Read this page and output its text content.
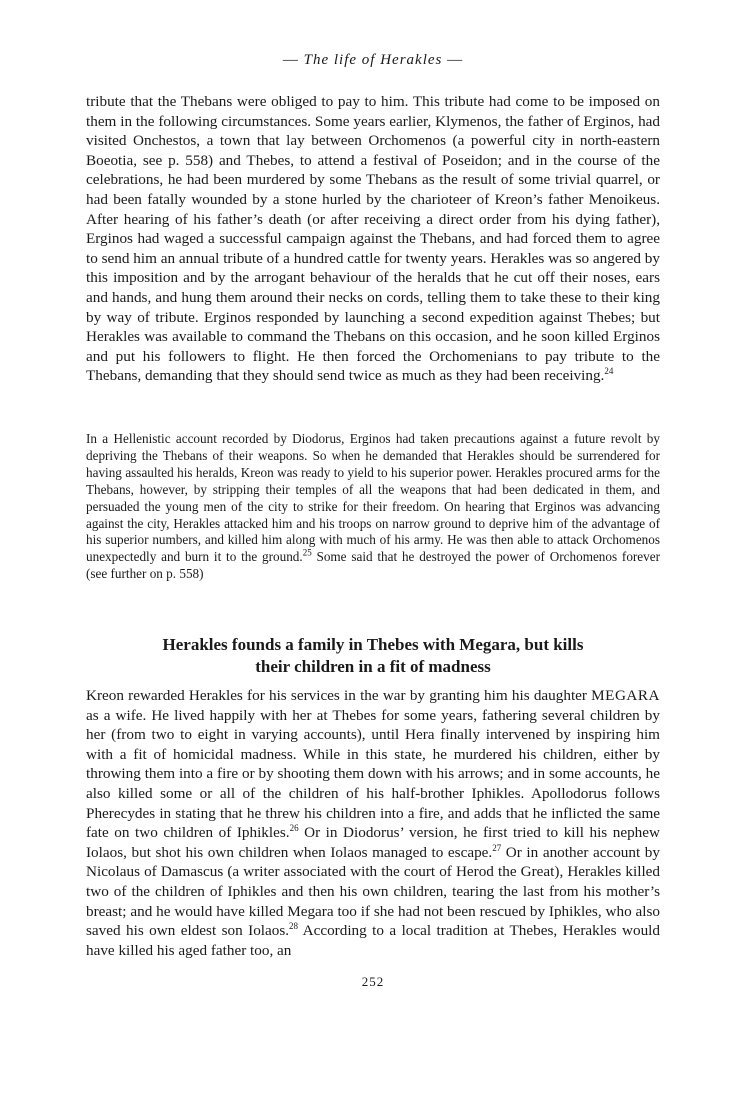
— The life of Herakles —

tribute that the Thebans were obliged to pay to him. This tribute had come to be imposed on them in the following circumstances. Some years earlier, Klymenos, the father of Erginos, had visited Onchestos, a town that lay between Orchomenos (a powerful city in north-eastern Boeotia, see p. 558) and Thebes, to attend a festival of Poseidon; and in the course of the celebrations, he had been murdered by some Thebans as the result of some trivial quarrel, or had been fatally wounded by a stone hurled by the charioteer of Kreon’s father Menoikeus. After hearing of his father’s death (or after receiving a direct order from his dying father), Erginos had waged a successful campaign against the Thebans, and had forced them to agree to send him an annual tribute of a hundred cattle for twenty years. Herakles was so angered by this imposition and by the arrogant behaviour of the heralds that he cut off their noses, ears and hands, and hung them around their necks on cords, telling them to take these to their king by way of tribute. Erginos responded by launching a second expedition against Thebes; but Herakles was available to command the Thebans on this occasion, and he soon killed Erginos and put his followers to flight. He then forced the Orchomenians to pay tribute to the Thebans, demanding that they should send twice as much as they had been receiving.$^{24}$

In a Hellenistic account recorded by Diodorus, Erginos had taken precautions against a future revolt by depriving the Thebans of their weapons. So when he demanded that Herakles should be surrendered for having assaulted his heralds, Kreon was ready to yield to his superior power. Herakles procured arms for the Thebans, however, by stripping their temples of all the weapons that had been dedicated in them, and persuaded the young men of the city to strike for their freedom. On hearing that Erginos was advancing against the city, Herakles attacked him and his troops on narrow ground to deprive him of the advantage of his superior numbers, and killed him along with much of his army. He was then able to attack Orchomenos unexpectedly and burn it to the ground.$^{25}$ Some said that he destroyed the power of Orchomenos forever (see further on p. 558)

Herakles founds a family in Thebes with Megara, but kills
their children in a fit of madness

Kreon rewarded Herakles for his services in the war by granting him his daughter MEGARA as a wife. He lived happily with her at Thebes for some years, fathering several children by her (from two to eight in varying accounts), until Hera finally intervened by inspiring him with a fit of homicidal madness. While in this state, he murdered his children, either by throwing them into a fire or by shooting them down with his arrows; and in some accounts, he also killed some or all of the children of his half-brother Iphikles. Apollodorus follows Pherecydes in stating that he threw his children into a fire, and adds that he inflicted the same fate on two children of Iphikles.$^{26}$ Or in Diodorus’ version, he first tried to kill his nephew Iolaos, but shot his own children when Iolaos managed to escape.$^{27}$ Or in another account by Nicolaus of Damascus (a writer associated with the court of Herod the Great), Herakles killed two of the children of Iphikles and then his own children, tearing the last from his mother’s breast; and he would have killed Megara too if she had not been rescued by Iphikles, who also saved his own eldest son Iolaos.$^{28}$ According to a local tradition at Thebes, Herakles would have killed his aged father too, an

252
